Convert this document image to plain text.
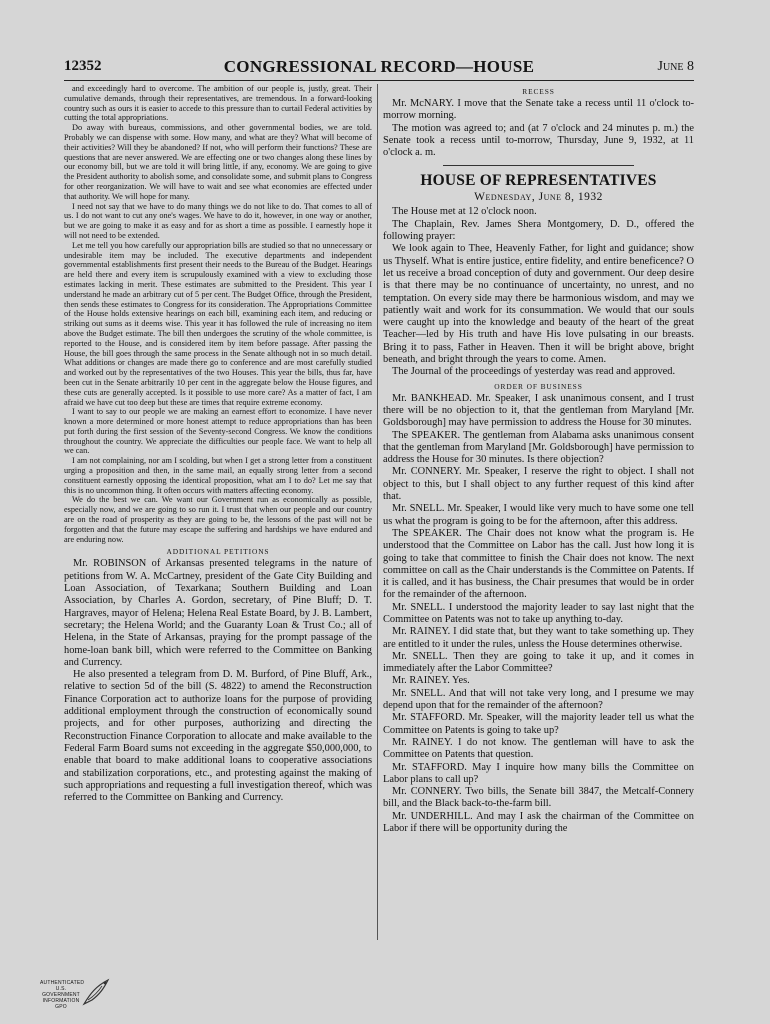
12352	CONGRESSIONAL RECORD—HOUSE	June 8

and exceedingly hard to overcome. The ambition of our people is, justly, great. Their cumulative demands, through their representatives, are tremendous. In a forward-looking country such as ours it is easier to accede to this pressure than to curtail Federal activities by cutting the total appropriations.

Do away with bureaus, commissions, and other governmental bodies, we are told. Probably we can dispense with some. How many, and what are they? What will become of their activities? Will they be abandoned? If not, who will perform their functions? These are questions that are never answered. We are effecting one or two changes along these lines by our economy bill, but we are told it will bring little, if any, economy. We are going to give the President authority to abolish some, and consolidate some, and submit plans to Congress for other reorganization. We will have to wait and see what economies are effected under that authority. We will hope for many.

I need not say that we have to do many things we do not like to do. That comes to all of us. I do not want to cut any one's wages. We have to do it, however, in one way or another, but we are going to make it as easy and for as short a time as possible. I earnestly hope it will not need to be extended.

Let me tell you how carefully our appropriation bills are studied so that no unnecessary or undesirable item may be included. The executive departments and independent governmental establishments first present their needs to the Bureau of the Budget. Hearings are held there and every item is scrupulously examined with a view to excluding those estimates lacking in merit. These estimates are submitted to the President. This year I understand he made an arbitrary cut of 5 per cent. The Budget Office, through the President, then sends these estimates to Congress for its consideration. The Appropriations Committee of the House holds extensive hearings on each bill, examining each item, and reducing or striking out sums as it deems wise. This year it has followed the rule of increasing no item above the Budget estimate. The bill then undergoes the scrutiny of the whole committee, is reported to the House, and is considered item by item before passage. After passing the House, the bill goes through the same process in the Senate although not in so much detail. What additions or changes are made there go to conference and are most carefully studied and worked out by the representatives of the two Houses. This year the bills, thus far, have been cut in the Senate arbitrarily 10 per cent in the aggregate below the House figures, and these cuts are generally accepted. Is it possible to use more care? As a matter of fact, I am afraid we have cut too deep but these are times that require extreme economy.

I want to say to our people we are making an earnest effort to economize. I have never known a more determined or more honest attempt to reduce appropriations than has been put forth during the first session of the Seventy-second Congress. We know the conditions throughout the country. We appreciate the difficulties our people face. We want to help all we can.

I am not complaining, nor am I scolding, but when I get a strong letter from a constituent urging a proposition and then, in the same mail, an equally strong letter from a second constituent earnestly opposing the identical proposition, what am I to do? Let me say that this is no uncommon thing. It often occurs with matters affecting economy.

We do the best we can. We want our Government run as economically as possible, especially now, and we are going to so run it. I trust that when our people and our country are on the road of prosperity as they are going to be, the lessons of the past will not be forgotten and that the future may escape the suffering and hardships we have endured and are enduring now.

ADDITIONAL PETITIONS

Mr. ROBINSON of Arkansas presented telegrams in the nature of petitions from W. A. McCartney, president of the Gate City Building and Loan Association, of Texarkana; Southern Building and Loan Association, by Charles A. Gordon, secretary, of Pine Bluff; D. T. Hargraves, mayor of Helena; Helena Real Estate Board, by J. B. Lambert, secretary; the Helena World; and the Guaranty Loan & Trust Co.; all of Helena, in the State of Arkansas, praying for the prompt passage of the home-loan bank bill, which were referred to the Committee on Banking and Currency.

He also presented a telegram from D. M. Burford, of Pine Bluff, Ark., relative to section 5d of the bill (S. 4822) to amend the Reconstruction Finance Corporation act to authorize loans for the purpose of providing additional employment through the construction of economically sound projects, and for other purposes, authorizing and directing the Reconstruction Finance Corporation to allocate and make available to the Federal Farm Board sums not exceeding in the aggregate $50,000,000, to enable that board to make additional loans to cooperative associations and stabilization corporations, etc., and protesting against the making of such appropriations and requesting a full investigation thereof, which was referred to the Committee on Banking and Currency.

RECESS

Mr. McNARY. I move that the Senate take a recess until 11 o'clock to-morrow morning.

The motion was agreed to; and (at 7 o'clock and 24 minutes p. m.) the Senate took a recess until to-morrow, Thursday, June 9, 1932, at 11 o'clock a. m.

HOUSE OF REPRESENTATIVES
Wednesday, June 8, 1932

The House met at 12 o'clock noon.

The Chaplain, Rev. James Shera Montgomery, D. D., offered the following prayer:

We look again to Thee, Heavenly Father, for light and guidance; show us Thyself. What is entire justice, entire fidelity, and entire beneficence? O let us receive a broad conception of duty and government. Our deep desire is that there may be no continuance of uncertainty, no unrest, and no temptation. On every side may there be harmonious wisdom, and may we patiently wait and work for its consummation. We would that our souls were caught up into the knowledge and beauty of the heart of the great Teacher—led by His truth and have His love pulsating in our breasts. Bring it to pass, Father in Heaven. Then it will be bright above, bright beneath, and bright through the years to come. Amen.

The Journal of the proceedings of yesterday was read and approved.

ORDER OF BUSINESS

Mr. BANKHEAD. Mr. Speaker, I ask unanimous consent, and I trust there will be no objection to it, that the gentleman from Maryland [Mr. Goldsborough] may have permission to address the House for 30 minutes.

The SPEAKER. The gentleman from Alabama asks unanimous consent that the gentleman from Maryland [Mr. Goldsborough] have permission to address the House for 30 minutes. Is there objection?

Mr. CONNERY. Mr. Speaker, I reserve the right to object. I shall not object to this, but I shall object to any further request of this kind after that.

Mr. SNELL. Mr. Speaker, I would like very much to have some one tell us what the program is going to be for the afternoon, after this address.

The SPEAKER. The Chair does not know what the program is. He understood that the Committee on Labor has the call. Just how long it is going to take that committee to finish the Chair does not know. The next committee on call as the Chair understands is the Committee on Patents. If it is called, and it has business, the Chair presumes that would be in order for the remainder of the afternoon.

Mr. SNELL. I understood the majority leader to say last night that the Committee on Patents was not to take up anything to-day.

Mr. RAINEY. I did state that, but they want to take something up. They are entitled to it under the rules, unless the House determines otherwise.

Mr. SNELL. Then they are going to take it up, and it comes in immediately after the Labor Committee?

Mr. RAINEY. Yes.

Mr. SNELL. And that will not take very long, and I presume we may depend upon that for the remainder of the afternoon?

Mr. STAFFORD. Mr. Speaker, will the majority leader tell us what the Committee on Patents is going to take up?

Mr. RAINEY. I do not know. The gentleman will have to ask the Committee on Patents that question.

Mr. STAFFORD. May I inquire how many bills the Committee on Labor plans to call up?

Mr. CONNERY. Two bills, the Senate bill 3847, the Metcalf-Connery bill, and the Black back-to-the-farm bill.

Mr. UNDERHILL. And may I ask the chairman of the Committee on Labor if there will be opportunity during the

AUTHENTICATED
U.S. GOVERNMENT
INFORMATION
GPO
